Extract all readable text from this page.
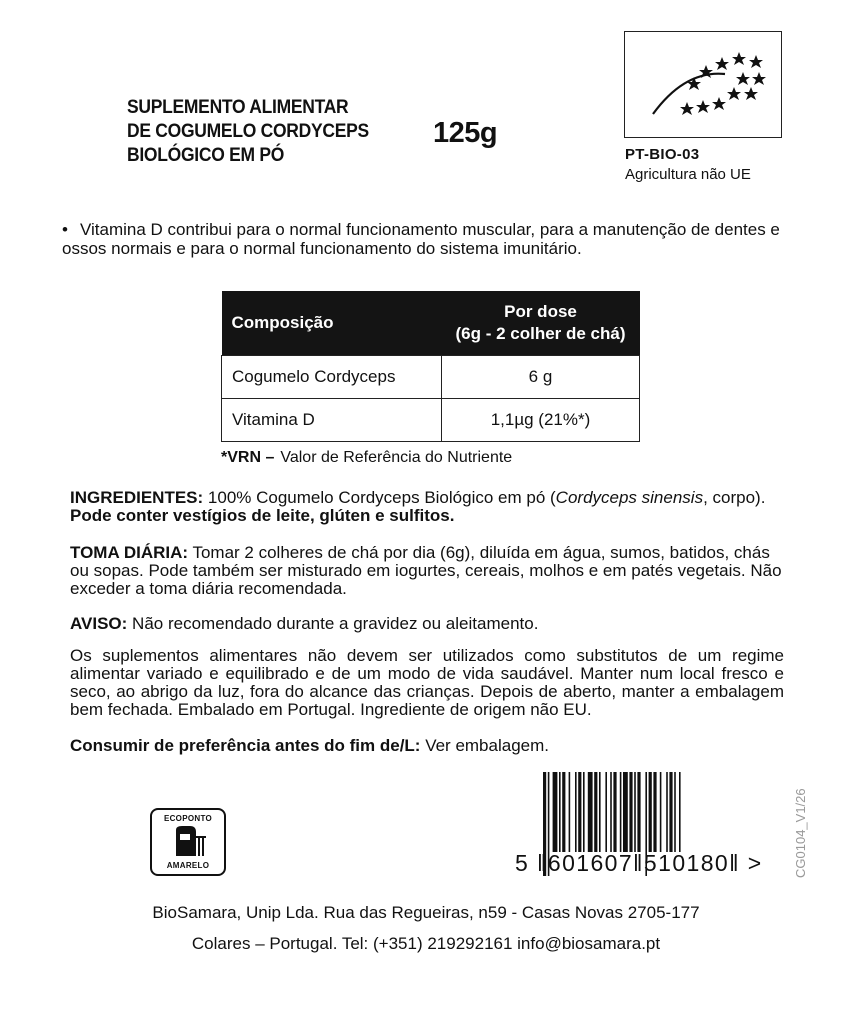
SUPLEMENTO ALIMENTAR
DE COGUMELO CORDYCEPS
BIOLÓGICO EM PÓ
125g
PT-BIO-03
Agricultura não UE
• Vitamina D contribui para o normal funcionamento muscular, para a manutenção de dentes e ossos normais e para o normal funcionamento do sistema imunitário.
Composição	Por dose
(6g - 2 colher de chá)

Cogumelo Cordyceps	6 g
Vitamina D	1,1µg (21%*)
*VRN – Valor de Referência do Nutriente
INGREDIENTES: 100% Cogumelo Cordyceps Biológico em pó (Cordyceps sinensis, corpo).
Pode conter vestígios de leite, glúten e sulfitos.
TOMA DIÁRIA: Tomar 2 colheres de chá por dia (6g), diluída em água, sumos, batidos, chás ou sopas. Pode também ser misturado em iogurtes, cereais, molhos e em patés vegetais. Não exceder a toma diária recomendada.
AVISO: Não recomendado durante a gravidez ou aleitamento.
Os suplementos alimentares não devem ser utilizados como substitutos de um regime alimentar variado e equilibrado e de um modo de vida saudável. Manter num local fresco e seco, ao abrigo da luz, fora do alcance das crianças. Depois de aberto, manter a embalagem bem fechada. Embalado em Portugal. Ingrediente de origem não EU.
Consumir de preferência antes do fim de/L: Ver embalagem.
ECOPONTO
AMARELO	5 ‖601607‖510180‖ > CG0104_V1/26
BioSamara, Unip Lda. Rua das Regueiras, n59 - Casas Novas 2705-177
Colares – Portugal. Tel: (+351) 219292161 info@biosamara.pt
